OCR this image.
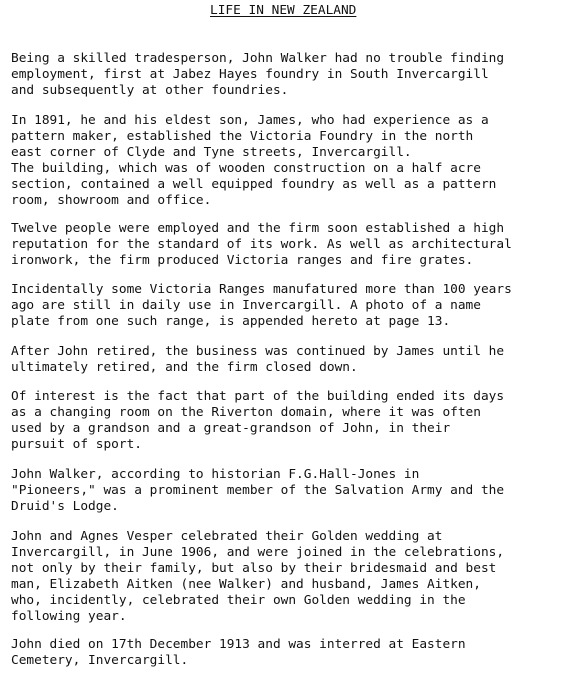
LIFE IN NEW ZEALAND
Being a skilled tradesperson, John Walker had no trouble finding
employment, first at Jabez Hayes foundry in South Invercargill
and subsequently at other foundries.
In 1891, he and his eldest son, James, who had experience as a
pattern maker, established the Victoria Foundry in the north
east corner of Clyde and Tyne streets, Invercargill.
The building, which was of wooden construction on a half acre
section, contained a well equipped foundry as well as a pattern
room, showroom and office.
Twelve people were employed and the firm soon established a high
reputation for the standard of its work. As well as architectural
ironwork, the firm produced Victoria ranges and fire grates.
Incidentally some Victoria Ranges manufatured more than 100 years
ago are still in daily use in Invercargill. A photo of a name
plate from one such range, is appended hereto at page 13.
After John retired, the business was continued by James until he
ultimately retired, and the firm closed down.
Of interest is the fact that part of the building ended its days
as a changing room on the Riverton domain, where it was often
used by a grandson and a great-grandson of John, in their
pursuit of sport.
John Walker, according to historian F.G.Hall-Jones in
"Pioneers," was a prominent member of the Salvation Army and the
Druid's Lodge.
John and Agnes Vesper celebrated their Golden wedding at
Invercargill, in June 1906, and were joined in the celebrations,
not only by their family, but also by their bridesmaid and best
man, Elizabeth Aitken (nee Walker) and husband, James Aitken,
who, incidently, celebrated their own Golden wedding in the
following year.
John died on 17th December 1913 and was interred at Eastern
Cemetery, Invercargill.
